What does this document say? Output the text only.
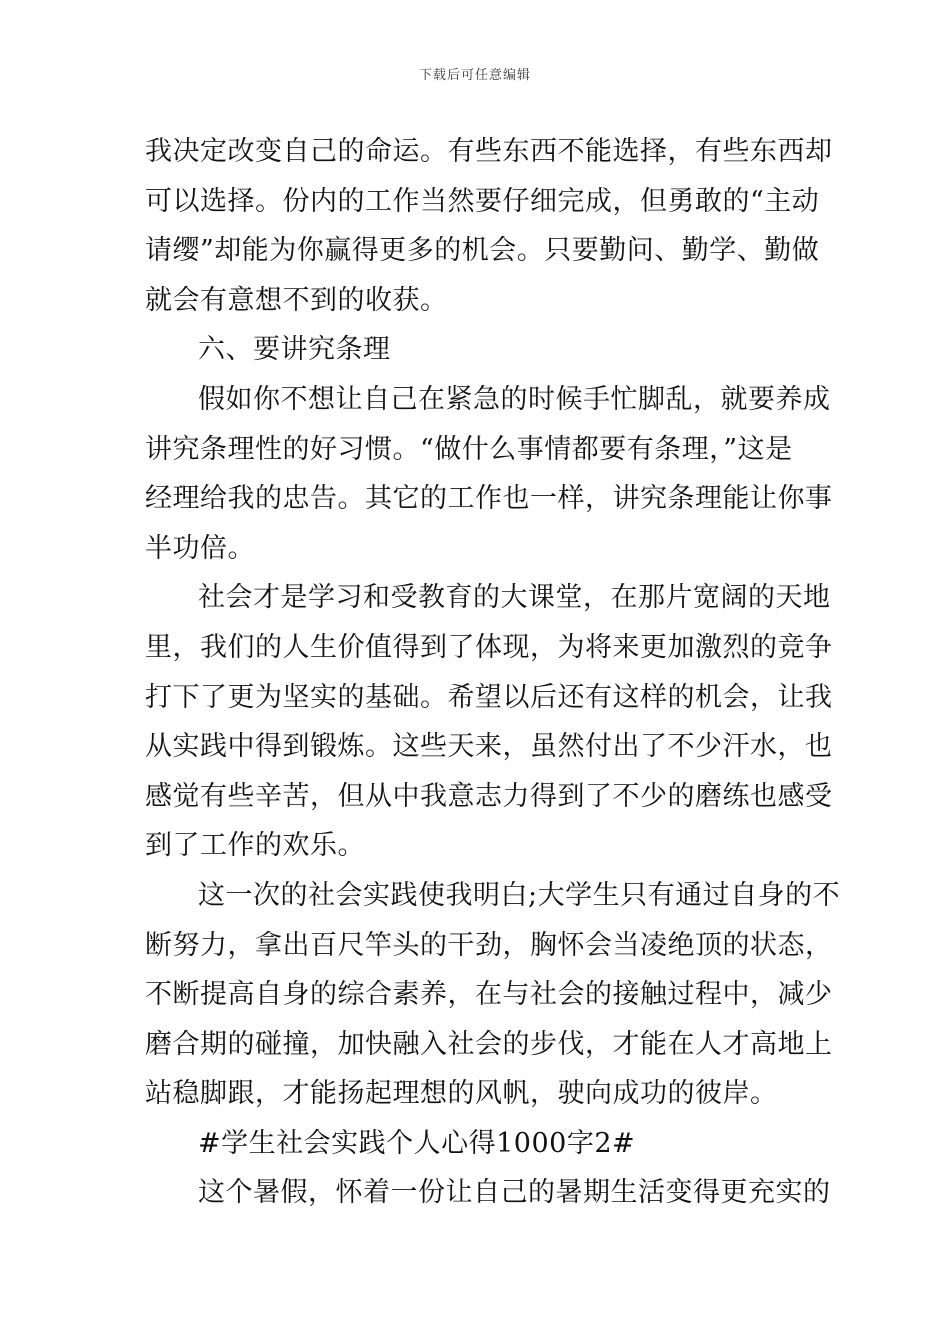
下载后可任意编辑
我决定改变自己的命运。有些东西不能选择，有些东西却
可以选择。份内的工作当然要仔细完成，但勇敢的“主动
请缨”却能为你赢得更多的机会。只要勤问、勤学、勤做
就会有意想不到的收获。
六、要讲究条理
假如你不想让自己在紧急的时候手忙脚乱，就要养成
讲究条理性的好习惯。“做什么事情都要有条理，”这是
经理给我的忠告。其它的工作也一样，讲究条理能让你事
半功倍。
社会才是学习和受教育的大课堂，在那片宽阔的天地
里，我们的人生价值得到了体现，为将来更加激烈的竞争
打下了更为坚实的基础。希望以后还有这样的机会，让我
从实践中得到锻炼。这些天来，虽然付出了不少汗水，也
感觉有些辛苦，但从中我意志力得到了不少的磨练也感受
到了工作的欢乐。
这一次的社会实践使我明白;大学生只有通过自身的不
断努力，拿出百尺竿头的干劲，胸怀会当凌绝顶的状态，
不断提高自身的综合素养，在与社会的接触过程中，减少
磨合期的碰撞，加快融入社会的步伐，才能在人才高地上
站稳脚跟，才能扬起理想的风帆，驶向成功的彼岸。
#学生社会实践个人心得1000字2#
这个暑假，怀着一份让自己的暑期生活变得更充实的
